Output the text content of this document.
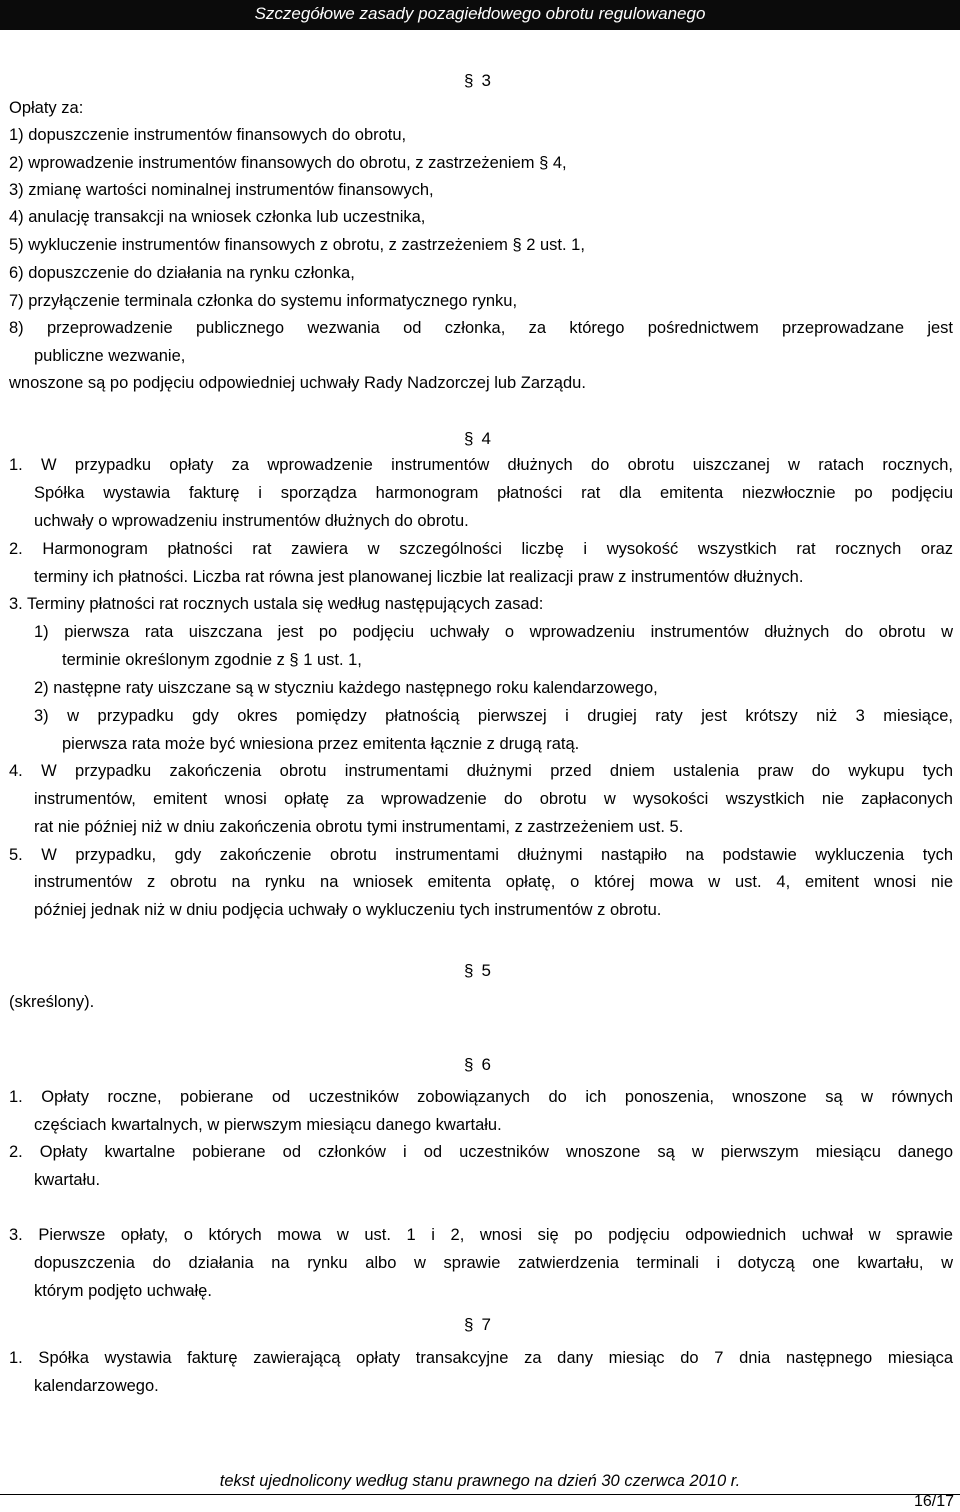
Szczegółowe zasady pozagiełdowego obrotu regulowanego
§ 3
Opłaty za:
1) dopuszczenie instrumentów finansowych do obrotu,
2) wprowadzenie instrumentów finansowych do obrotu, z zastrzeżeniem § 4,
3) zmianę wartości nominalnej instrumentów finansowych,
4) anulację transakcji na wniosek członka lub uczestnika,
5) wykluczenie instrumentów finansowych z obrotu, z zastrzeżeniem § 2 ust. 1,
6) dopuszczenie do działania na rynku członka,
7) przyłączenie terminala członka do systemu informatycznego rynku,
8) przeprowadzenie publicznego wezwania od członka, za którego pośrednictwem przeprowadzane jest
publiczne wezwanie,
wnoszone są po podjęciu odpowiedniej uchwały Rady Nadzorczej lub Zarządu.
§ 4
1. W przypadku opłaty za wprowadzenie instrumentów dłużnych do obrotu uiszczanej w ratach rocznych,
Spółka wystawia fakturę i sporządza harmonogram płatności rat dla emitenta niezwłocznie po podjęciu
uchwały o wprowadzeniu instrumentów dłużnych do obrotu.
2. Harmonogram płatności rat zawiera w szczególności liczbę i wysokość wszystkich rat rocznych oraz
terminy ich płatności. Liczba rat równa jest planowanej liczbie lat realizacji praw z instrumentów dłużnych.
3. Terminy płatności rat rocznych ustala się według następujących zasad:
1) pierwsza rata uiszczana jest po podjęciu uchwały o wprowadzeniu instrumentów dłużnych do obrotu w
terminie określonym zgodnie z § 1 ust. 1,
2) następne raty uiszczane są w styczniu każdego następnego roku kalendarzowego,
3) w przypadku gdy okres pomiędzy płatnością pierwszej i drugiej raty jest krótszy niż 3 miesiące,
pierwsza rata może być wniesiona przez emitenta łącznie z drugą ratą.
4. W przypadku zakończenia obrotu instrumentami dłużnymi przed dniem ustalenia praw do wykupu tych
instrumentów, emitent wnosi opłatę za wprowadzenie do obrotu w wysokości wszystkich nie zapłaconych
rat nie później niż w dniu zakończenia obrotu tymi instrumentami, z zastrzeżeniem ust. 5.
5. W przypadku, gdy zakończenie obrotu instrumentami dłużnymi nastąpiło na podstawie wykluczenia tych
instrumentów z obrotu na rynku na wniosek emitenta opłatę, o której mowa w ust. 4, emitent wnosi nie
później jednak niż w dniu podjęcia uchwały o wykluczeniu tych instrumentów z obrotu.
§ 5
(skreślony).
§ 6
1. Opłaty roczne, pobierane od uczestników zobowiązanych do ich ponoszenia, wnoszone są w równych
częściach kwartalnych, w pierwszym miesiącu danego kwartału.
2. Opłaty kwartalne pobierane od członków i od uczestników wnoszone są w pierwszym miesiącu danego
kwartału.
3. Pierwsze opłaty, o których mowa w ust. 1 i 2, wnosi się po podjęciu odpowiednich uchwał w sprawie
dopuszczenia do działania na rynku albo w sprawie zatwierdzenia terminali i dotyczą one kwartału, w
którym podjęto uchwałę.
§ 7
1. Spółka wystawia fakturę zawierającą opłaty transakcyjne za dany miesiąc do 7 dnia następnego miesiąca
kalendarzowego.
tekst ujednolicony według stanu prawnego na dzień 30 czerwca 2010 r.
16/17
